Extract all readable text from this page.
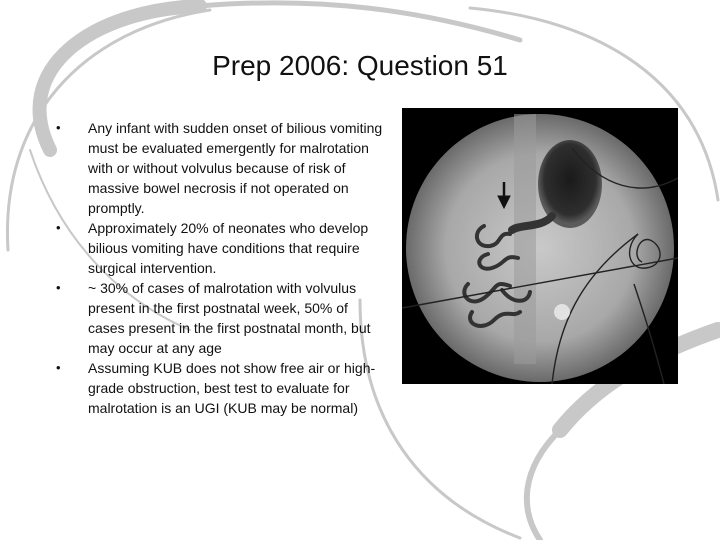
Prep 2006: Question 51
• Any infant with sudden onset of bilious vomiting must be evaluated emergently for malrotation with or without volvulus because of risk of massive bowel necrosis if not operated on promptly.
• Approximately 20% of neonates who develop bilious vomiting have conditions that require surgical intervention.
• ~ 30% of cases of malrotation with volvulus present in the first postnatal week, 50% of cases present in the first postnatal month, but may occur at any age
• Assuming KUB does not show free air or high-grade obstruction, best test to evaluate for malrotation is an UGI (KUB may be normal)
